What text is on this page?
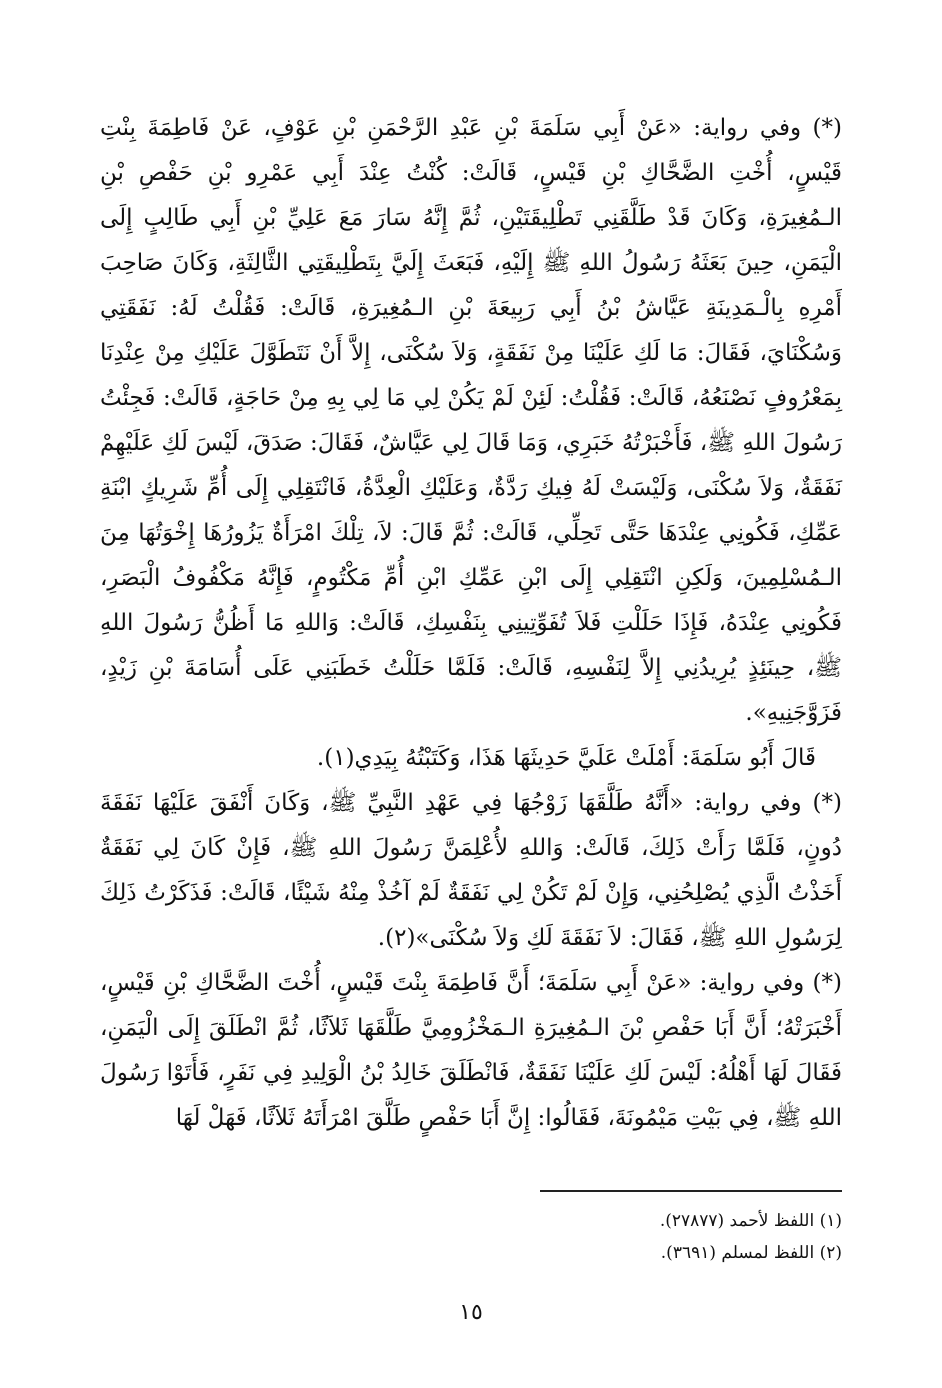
(*) وفي رواية: «عَنْ أَبِي سَلَمَةَ بْنِ عَبْدِ الرَّحْمَنِ بْنِ عَوْفٍ، عَنْ فَاطِمَةَ بِنْتِ قَيْسٍ، أُخْتِ الضَّحَّاكِ بْنِ قَيْسٍ، قَالَتْ: كُنْتُ عِنْدَ أَبِي عَمْرِو بْنِ حَفْصِ بْنِ الـمُغِيرَةِ، وَكَانَ قَدْ طَلَّقَنِي تَطْلِيقَتَيْنِ، ثُمَّ إِنَّهُ سَارَ مَعَ عَلِيِّ بْنِ أَبِي طَالِبٍ إِلَى الْيَمَنِ، حِينَ بَعَثَهُ رَسُولُ اللهِ ﷺ إِلَيْهِ، فَبَعَثَ إِلَيَّ بِتَطْلِيقَتِي الثَّالِثَةِ، وَكَانَ صَاحِبَ أَمْرِهِ بِالْـمَدِينَةِ عَيَّاشُ بْنُ أَبِي رَبِيعَةَ بْنِ الـمُغِيرَةِ، قَالَتْ: فَقُلْتُ لَهُ: نَفَقَتِي وَسُكْنَايَ، فَقَالَ: مَا لَكِ عَلَيْنَا مِنْ نَفَقَةٍ، وَلاَ سُكْنَى، إِلاَّ أَنْ نَتَطَوَّلَ عَلَيْكِ مِنْ عِنْدِنَا بِمَعْرُوفٍ نَصْنَعُهُ، قَالَتْ: فَقُلْتُ: لَئِنْ لَمْ يَكُنْ لِي مَا لِي بِهِ مِنْ حَاجَةٍ، قَالَتْ: فَجِئْتُ رَسُولَ اللهِ ﷺ، فَأَخْبَرْتُهُ خَبَرِي، وَمَا قَالَ لِي عَيَّاشٌ، فَقَالَ: صَدَقَ، لَيْسَ لَكِ عَلَيْهِمْ نَفَقَةٌ، وَلاَ سُكْنَى، وَلَيْسَتْ لَهُ فِيكِ رَدَّةٌ، وَعَلَيْكِ الْعِدَّةُ، فَانْتَقِلِي إِلَى أُمِّ شَرِيكٍ ابْنَةِ عَمِّكِ، فَكُونِي عِنْدَهَا حَتَّى تَحِلِّي، قَالَتْ: ثُمَّ قَالَ: لاَ، تِلْكَ امْرَأَةٌ يَزُورُهَا إِخْوَتُهَا مِنَ الـمُسْلِمِينَ، وَلَكِنِ انْتَقِلِي إِلَى ابْنِ عَمِّكِ ابْنِ أُمِّ مَكْتُومٍ، فَإِنَّهُ مَكْفُوفُ الْبَصَرِ، فَكُونِي عِنْدَهُ، فَإِذَا حَلَلْتِ فَلاَ تُفَوِّتِينِي بِنَفْسِكِ، قَالَتْ: وَاللهِ مَا أَظُنُّ رَسُولَ اللهِ ﷺ، حِينَئِذٍ يُرِيدُنِي إِلاَّ لِنَفْسِهِ، قَالَتْ: فَلَمَّا حَلَلْتُ خَطَبَنِي عَلَى أُسَامَةَ بْنِ زَيْدٍ، فَزَوَّجَنِيهِ».

قَالَ أَبُو سَلَمَةَ: أَمْلَتْ عَلَيَّ حَدِيثَهَا هَذَا، وَكَتَبْتُهُ بِيَدِي(١).

(*) وفي رواية: «أَنَّهُ طَلَّقَهَا زَوْجُهَا فِي عَهْدِ النَّبِيِّ ﷺ، وَكَانَ أَنْفَقَ عَلَيْهَا نَفَقَةَ دُونٍ، فَلَمَّا رَأَتْ ذَلِكَ، قَالَتْ: وَاللهِ لأُعْلِمَنَّ رَسُولَ اللهِ ﷺ، فَإِنْ كَانَ لِي نَفَقَةٌ أَخَذْتُ الَّذِي يُصْلِحُنِي، وَإِنْ لَمْ تَكُنْ لِي نَفَقَةٌ لَمْ آخُذْ مِنْهُ شَيْئًا، قَالَتْ: فَذَكَرْتُ ذَلِكَ لِرَسُولِ اللهِ ﷺ، فَقَالَ: لاَ نَفَقَةَ لَكِ وَلاَ سُكْنَى»(٢).

(*) وفي رواية: «عَنْ أَبِي سَلَمَةَ؛ أَنَّ فَاطِمَةَ بِنْتَ قَيْسٍ، أُخْتَ الضَّحَّاكِ بْنِ قَيْسٍ، أَخْبَرَتْهُ؛ أَنَّ أَبَا حَفْصِ بْنَ الـمُغِيرَةِ الـمَخْزُومِيَّ طَلَّقَهَا ثَلاَثًا، ثُمَّ انْطَلَقَ إِلَى الْيَمَنِ، فَقَالَ لَهَا أَهْلُهُ: لَيْسَ لَكِ عَلَيْنَا نَفَقَةٌ، فَانْطَلَقَ خَالِدُ بْنُ الْوَلِيدِ فِي نَفَرٍ، فَأَتَوْا رَسُولَ اللهِ ﷺ، فِي بَيْتِ مَيْمُونَةَ، فَقَالُوا: إِنَّ أَبَا حَفْصٍ طَلَّقَ امْرَأَتَهُ ثَلاَثًا، فَهَلْ لَهَا

(١) اللفظ لأحمد (٢٧٨٧٧).

(٢) اللفظ لمسلم (٣٦٩١).

١٥
